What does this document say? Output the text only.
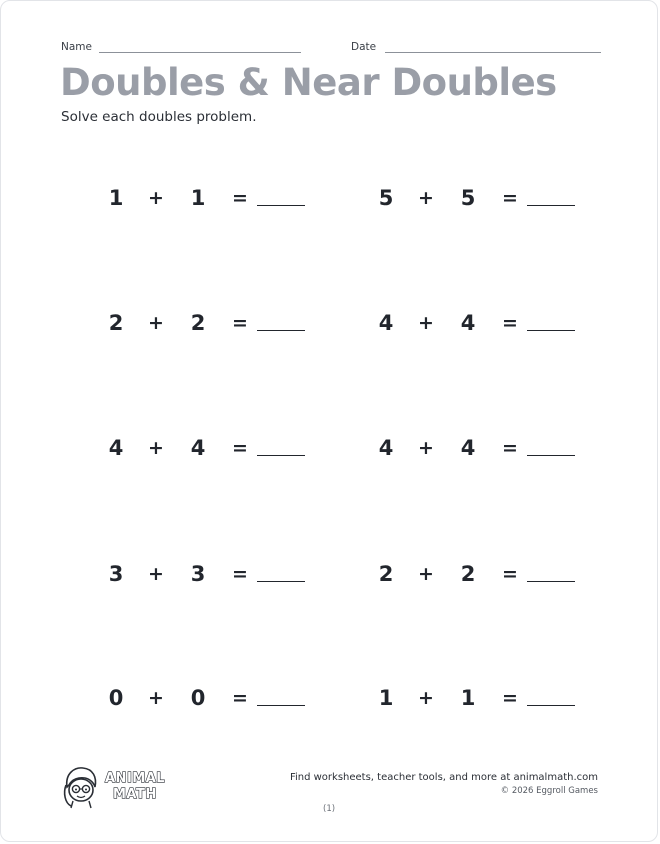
Name	Date
Doubles & Near Doubles
Solve each doubles problem.
1 + 1 =	5 + 5 =
2 + 2 =	4 + 4 =
4 + 4 =	4 + 4 =
3 + 3 =	2 + 2 =
0 + 0 =	1 + 1 =
ANIMAL
MATH
Find worksheets, teacher tools, and more at animalmath.com
© 2026 Eggroll Games
(1)
